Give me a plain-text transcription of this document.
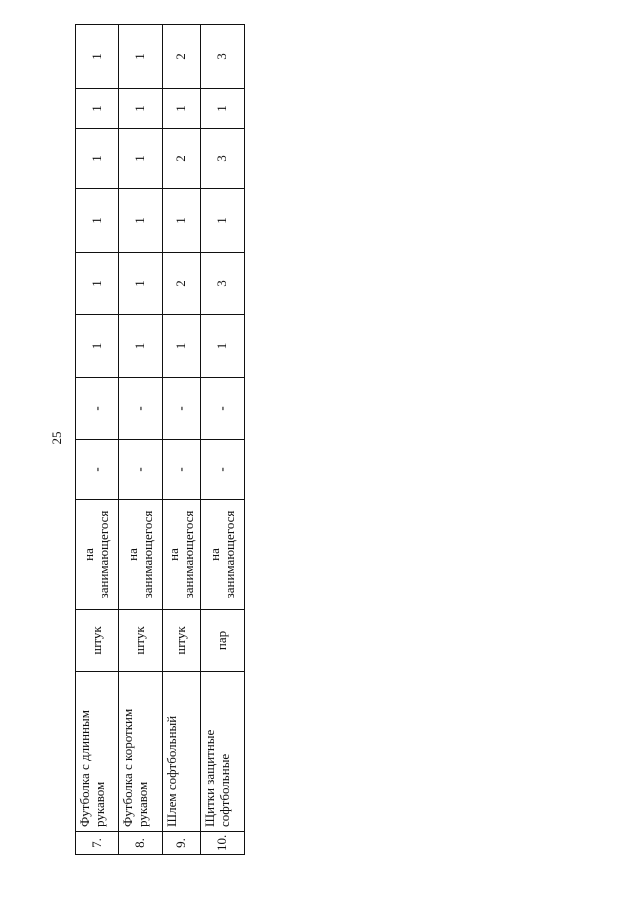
25
7.	Футболка с длинным рукавом	штук	на занимающегося	-	-	1	1	1	1	1	1
8.	Футболка с коротким рукавом	штук	на занимающегося	-	-	1	1	1	1	1	1
9.	Шлем софтбольный	штук	на занимающегося	-	-	1	2	1	2	1	2
10.	Щитки защитные софтбольные	пар	на занимающегося	-	-	1	3	1	3	1	3
